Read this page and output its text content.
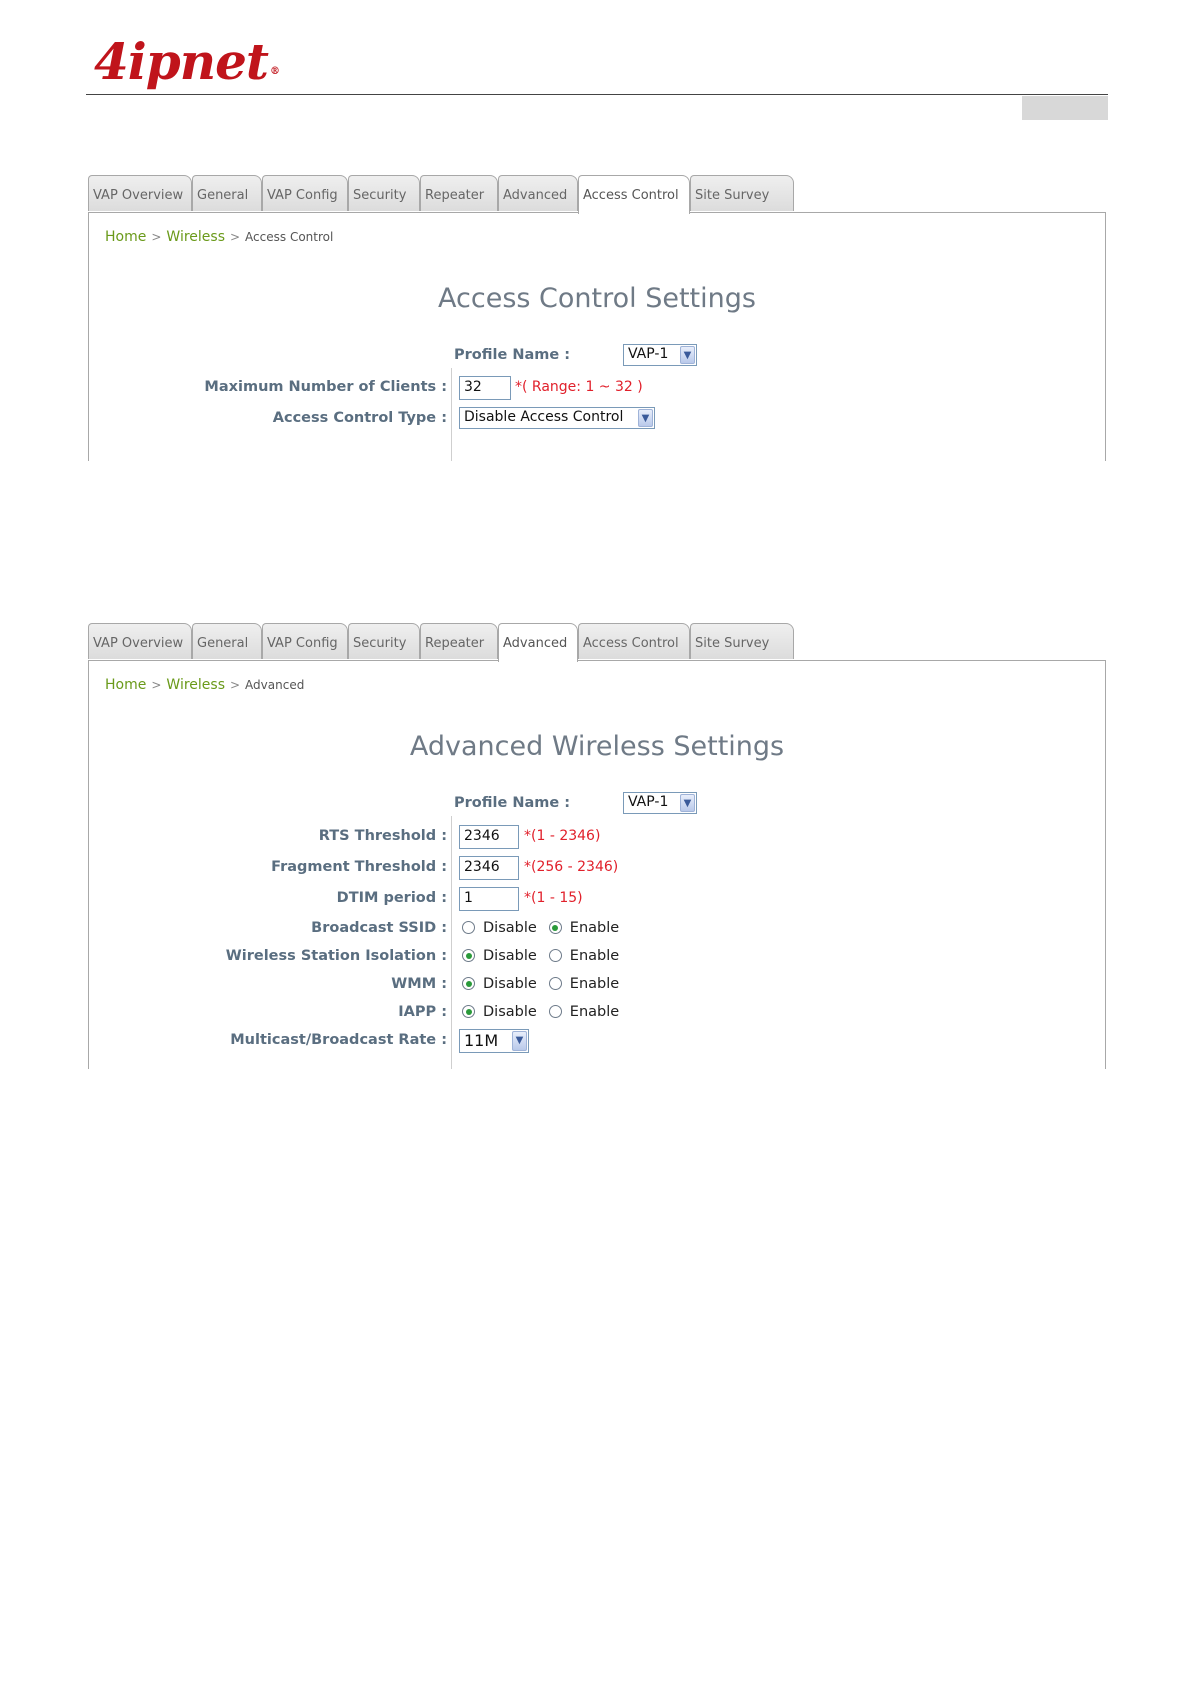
4ipnet ®
VAP Overview	General	VAP Config	Security	Repeater	Advanced	Access Control	Site Survey
Home > Wireless > Access Control
Access Control Settings
Profile Name :	VAP-1	▼
Maximum Number of Clients :	32	*( Range: 1 ~ 32 )
Access Control Type :	Disable Access Control	▼
VAP Overview	General	VAP Config	Security	Repeater	Advanced	Access Control	Site Survey
Home > Wireless > Advanced
Advanced Wireless Settings
Profile Name :	VAP-1	▼
RTS Threshold :	2346	*(1 - 2346)
Fragment Threshold :	2346	*(256 - 2346)
DTIM period :	1	*(1 - 15)
Broadcast SSID :	Disable Enable
Wireless Station Isolation :	Disable Enable
WMM :	Disable Enable
IAPP :	Disable Enable
Multicast/Broadcast Rate :	11M	▼
